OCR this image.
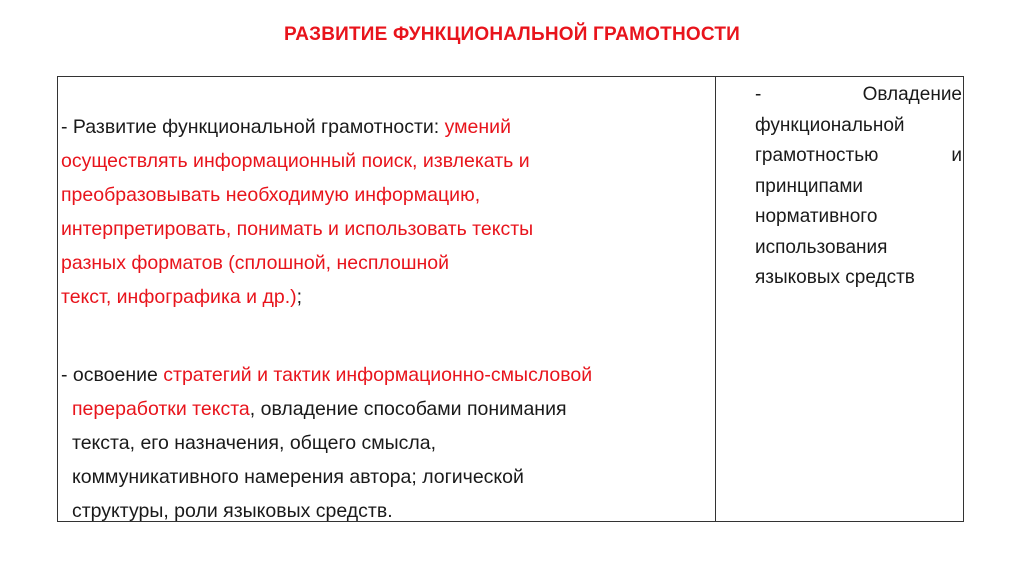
РАЗВИТИЕ ФУНКЦИОНАЛЬНОЙ ГРАМОТНОСТИ

- Развитие функциональной грамотности: умений
осуществлять информационный поиск, извлекать и
преобразовывать необходимую информацию,
интерпретировать, понимать и использовать тексты
разных форматов (сплошной, несплошной
текст, инфографика и др.);

- освоение стратегий и тактик информационно-смысловой
переработки текста, овладение способами понимания
текста, его назначения, общего смысла,
коммуникативного намерения автора; логической
структуры, роли языковых средств.

-	Овладение
функциональной
грамотностью	и
принципами
нормативного
использования
языковых средств
